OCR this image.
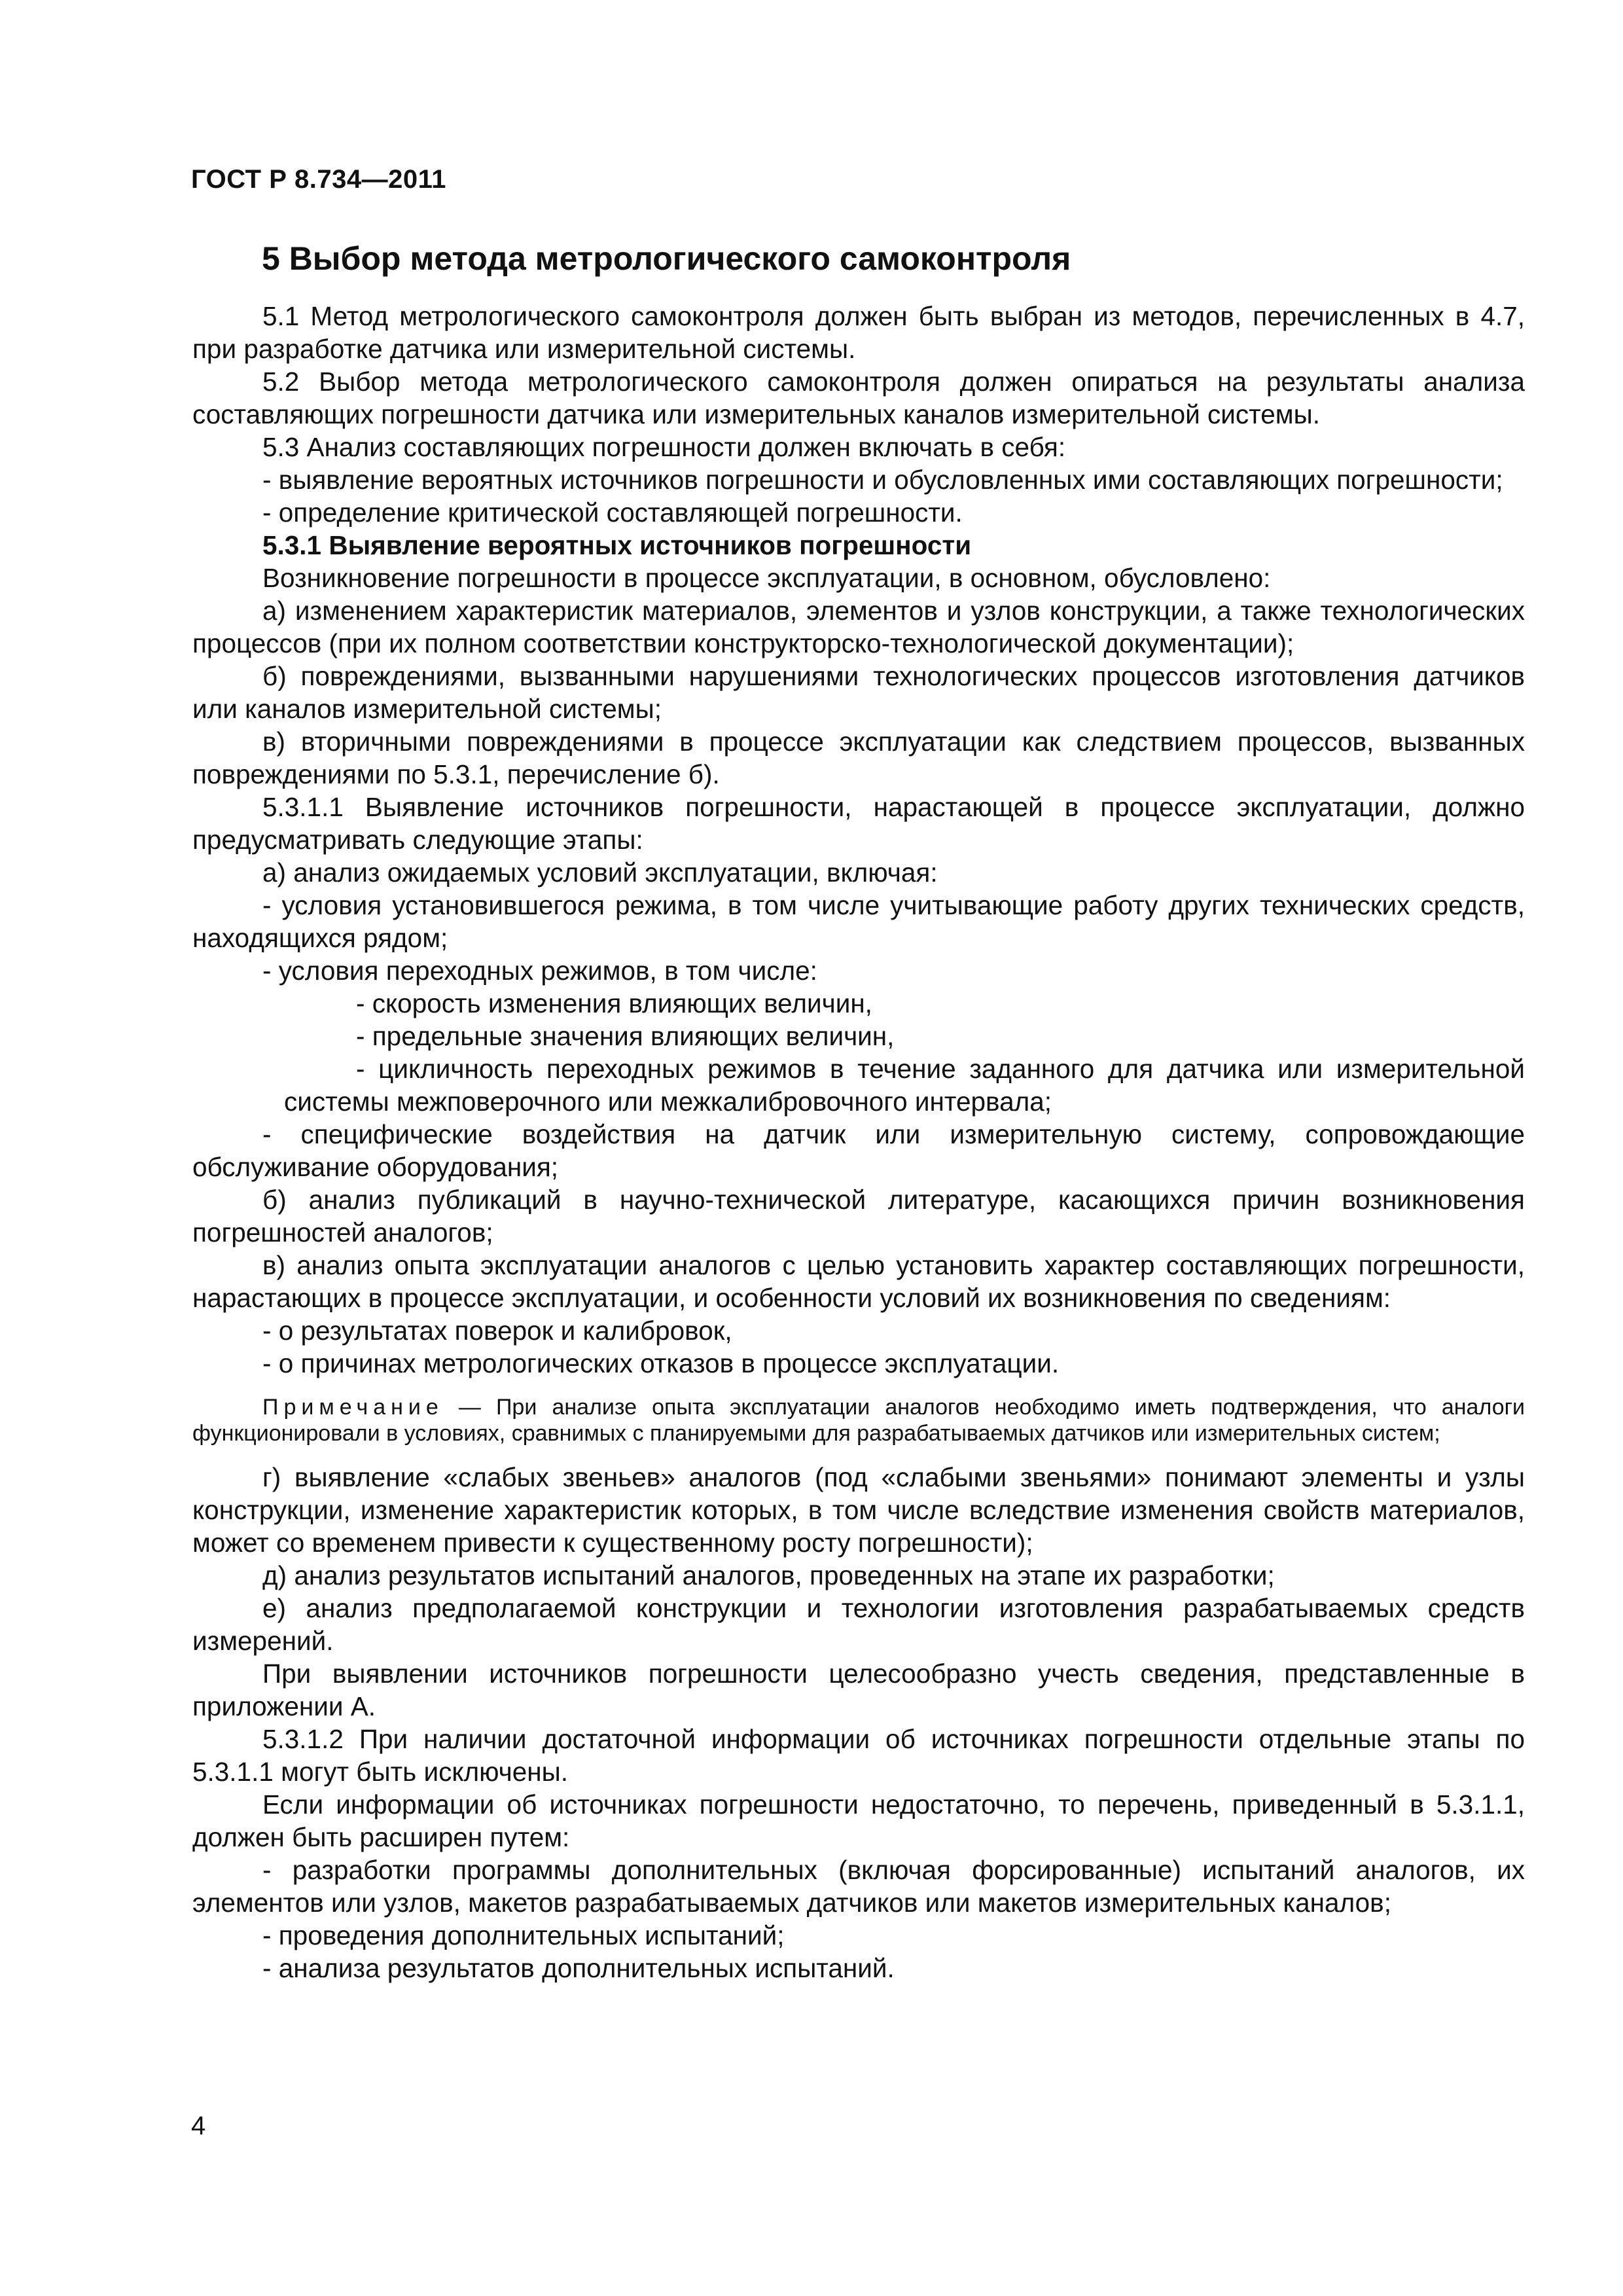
ГОСТ Р 8.734—2011
5 Выбор метода метрологического самоконтроля

5.1 Метод метрологического самоконтроля должен быть выбран из методов, перечисленных в 4.7, при разработке датчика или измерительной системы.

5.2 Выбор метода метрологического самоконтроля должен опираться на результаты анализа составляющих погрешности датчика или измерительных каналов измерительной системы.

5.3 Анализ составляющих погрешности должен включать в себя:

- выявление вероятных источников погрешности и обусловленных ими составляющих погрешности;

- определение критической составляющей погрешности.

5.3.1 Выявление вероятных источников погрешности

Возникновение погрешности в процессе эксплуатации, в основном, обусловлено:

а) изменением характеристик материалов, элементов и узлов конструкции, а также технологических процессов (при их полном соответствии конструкторско-технологической документации);

б) повреждениями, вызванными нарушениями технологических процессов изготовления датчиков или каналов измерительной системы;

в) вторичными повреждениями в процессе эксплуатации как следствием процессов, вызванных повреждениями по 5.3.1, перечисление б).

5.3.1.1 Выявление источников погрешности, нарастающей в процессе эксплуатации, должно предусматривать следующие этапы:

а) анализ ожидаемых условий эксплуатации, включая:

- условия установившегося режима, в том числе учитывающие работу других технических средств, находящихся рядом;

- условия переходных режимов, в том числе:

- скорость изменения влияющих величин,

- предельные значения влияющих величин,

- цикличность переходных режимов в течение заданного для датчика или измерительной системы межповерочного или межкалибровочного интервала;

- специфические воздействия на датчик или измерительную систему, сопровождающие обслуживание оборудования;

б) анализ публикаций в научно-технической литературе, касающихся причин возникновения погрешностей аналогов;

в) анализ опыта эксплуатации аналогов с целью установить характер составляющих погрешности, нарастающих в процессе эксплуатации, и особенности условий их возникновения по сведениям:

- о результатах поверок и калибровок,

- о причинах метрологических отказов в процессе эксплуатации.

Примечание — При анализе опыта эксплуатации аналогов необходимо иметь подтверждения, что аналоги функционировали в условиях, сравнимых с планируемыми для разрабатываемых датчиков или измерительных систем;

г) выявление «слабых звеньев» аналогов (под «слабыми звеньями» понимают элементы и узлы конструкции, изменение характеристик которых, в том числе вследствие изменения свойств материалов, может со временем привести к существенному росту погрешности);

д) анализ результатов испытаний аналогов, проведенных на этапе их разработки;

е) анализ предполагаемой конструкции и технологии изготовления разрабатываемых средств измерений.

При выявлении источников погрешности целесообразно учесть сведения, представленные в приложении А.

5.3.1.2 При наличии достаточной информации об источниках погрешности отдельные этапы по 5.3.1.1 могут быть исключены.

Если информации об источниках погрешности недостаточно, то перечень, приведенный в 5.3.1.1, должен быть расширен путем:

- разработки программы дополнительных (включая форсированные) испытаний аналогов, их элементов или узлов, макетов разрабатываемых датчиков или макетов измерительных каналов;

- проведения дополнительных испытаний;

- анализа результатов дополнительных испытаний.

4
